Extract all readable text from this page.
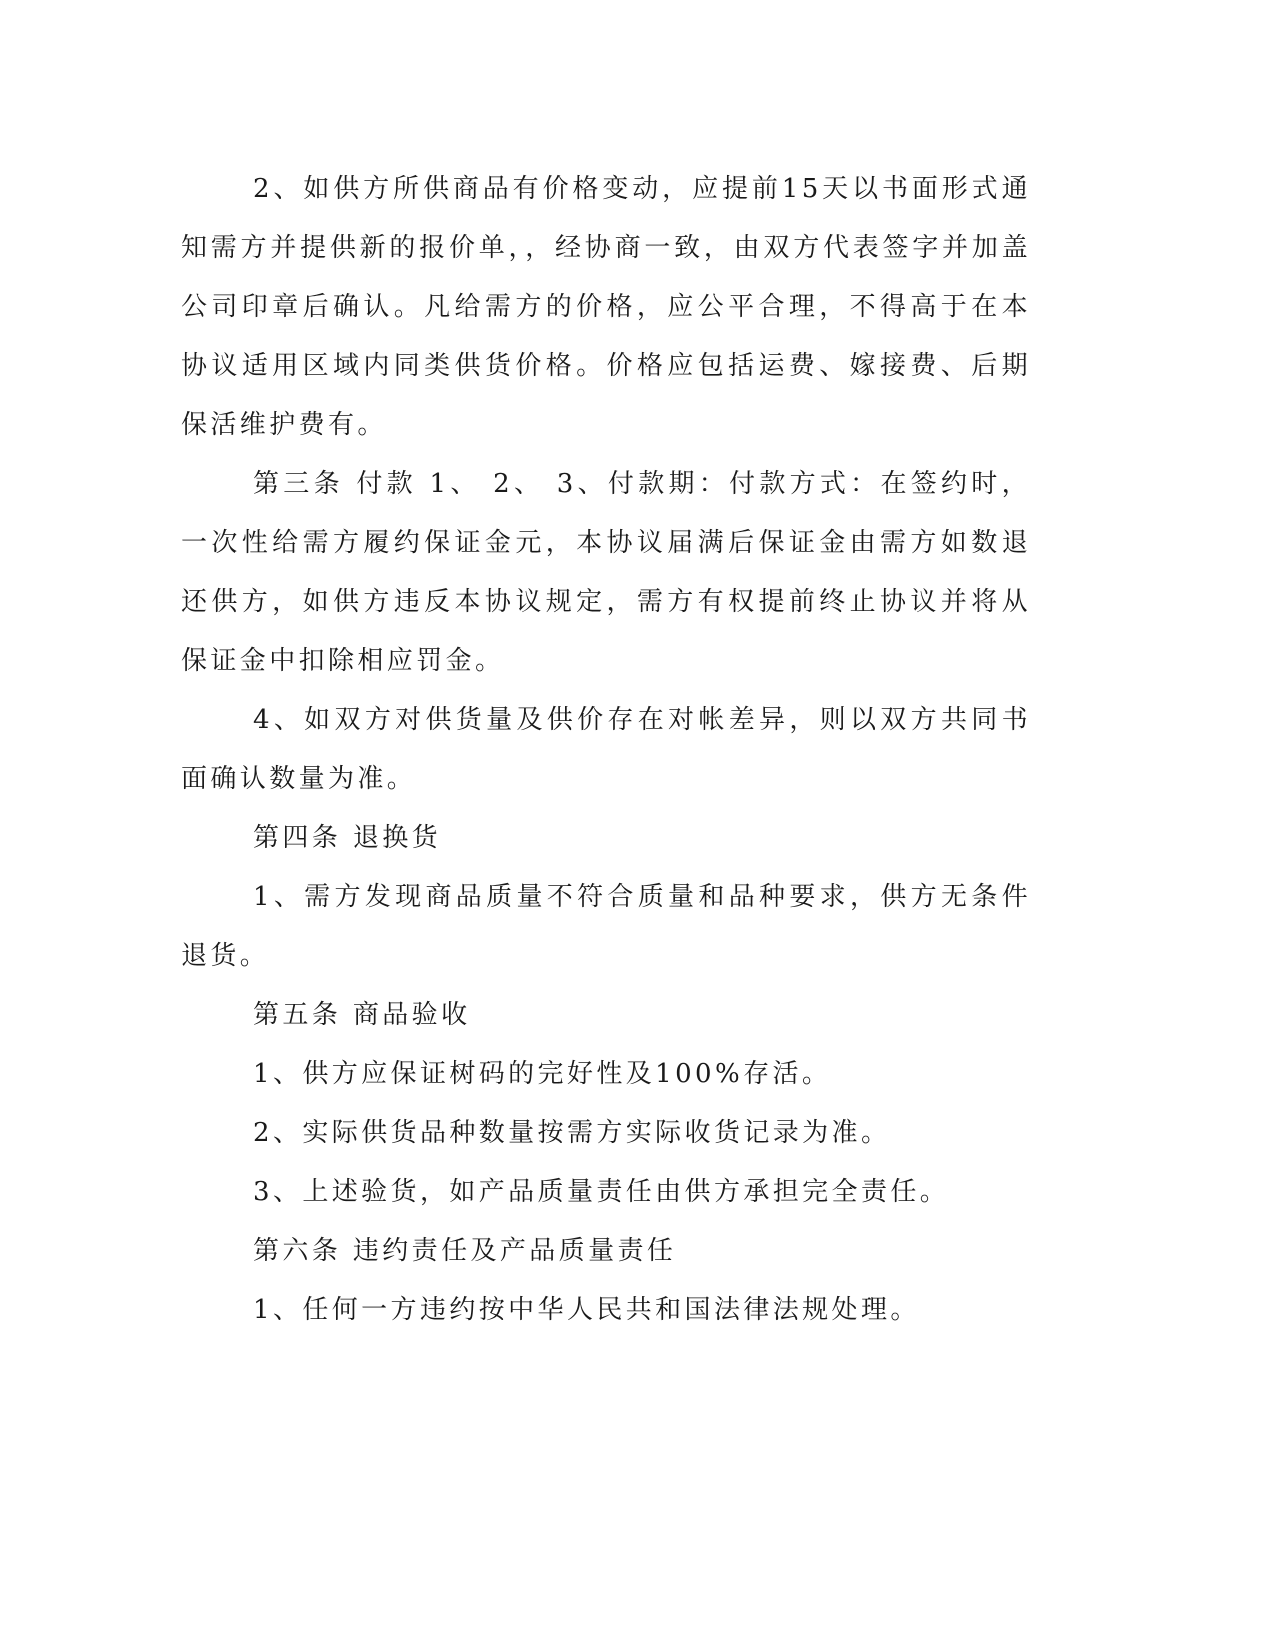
2、如供方所供商品有价格变动，应提前15天以书面形式通知需方并提供新的报价单，，经协商一致，由双方代表签字并加盖公司印章后确认。凡给需方的价格，应公平合理，不得高于在本协议适用区域内同类供货价格。价格应包括运费、嫁接费、后期保活维护费有。

第三条 付款 1、 2、 3、付款期：付款方式：在签约时，一次性给需方履约保证金元，本协议届满后保证金由需方如数退还供方，如供方违反本协议规定，需方有权提前终止协议并将从保证金中扣除相应罚金。

4、如双方对供货量及供价存在对帐差异，则以双方共同书面确认数量为准。

第四条 退换货

1、需方发现商品质量不符合质量和品种要求，供方无条件退货。

第五条 商品验收

1、供方应保证树码的完好性及100%存活。

2、实际供货品种数量按需方实际收货记录为准。

3、上述验货，如产品质量责任由供方承担完全责任。

第六条 违约责任及产品质量责任

1、任何一方违约按中华人民共和国法律法规处理。
